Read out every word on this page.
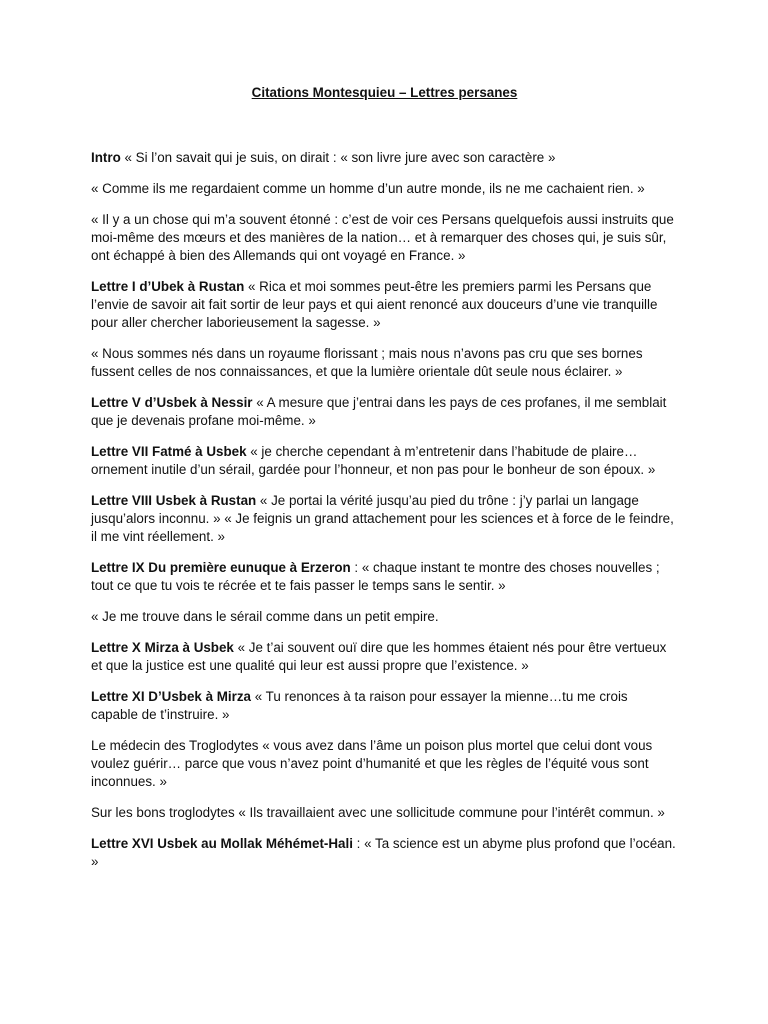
Citations Montesquieu – Lettres persanes
Intro « Si l’on savait qui je suis, on dirait : « son livre jure avec son caractère »
« Comme ils me regardaient comme un homme d’un autre monde, ils ne me cachaient rien. »
« Il y a un chose qui m’a souvent étonné : c’est de voir ces Persans quelquefois aussi instruits que moi-même des mœurs et des manières de la nation… et à remarquer des choses qui, je suis sûr, ont échappé à bien des Allemands qui ont voyagé en France. »
Lettre I d’Ubek à Rustan « Rica et moi sommes peut-être les premiers parmi les Persans que l’envie de savoir ait fait sortir de leur pays et qui aient renoncé aux douceurs d’une vie tranquille pour aller chercher laborieusement la sagesse. »
« Nous sommes nés dans un royaume florissant ; mais nous n’avons pas cru que ses bornes fussent celles de nos connaissances, et que la lumière orientale dût seule nous éclairer. »
Lettre V d’Usbek à Nessir « A mesure que j’entrai dans les pays de ces profanes, il me semblait que je devenais profane moi-même. »
Lettre VII Fatmé à Usbek « je cherche cependant à m’entretenir dans l’habitude de plaire… ornement inutile d’un sérail, gardée pour l’honneur, et non pas pour le bonheur de son époux. »
Lettre VIII Usbek à Rustan « Je portai la vérité jusqu’au pied du trône : j’y parlai un langage jusqu’alors inconnu. » « Je feignis un grand attachement pour les sciences et à force de le feindre, il me vint réellement. »
Lettre IX Du première eunuque à Erzeron : « chaque instant te montre des choses nouvelles ; tout ce que tu vois te récrée et te fais passer le temps sans le sentir. »
« Je me trouve dans le sérail comme dans un petit empire.
Lettre X Mirza à Usbek « Je t’ai souvent ouï dire que les hommes étaient nés pour être vertueux et que la justice est une qualité qui leur est aussi propre que l’existence. »
Lettre XI D’Usbek à Mirza « Tu renonces à ta raison pour essayer la mienne…tu me crois capable de t’instruire. »
Le médecin des Troglodytes « vous avez dans l’âme un poison plus mortel que celui dont vous voulez guérir… parce que vous n’avez point d’humanité et que les règles de l’équité vous sont inconnues. »
Sur les bons troglodytes « Ils travaillaient avec une sollicitude commune pour l’intérêt commun. »
Lettre XVI Usbek au Mollak Méhémet-Hali : « Ta science est un abyme plus profond que l’océan. »
